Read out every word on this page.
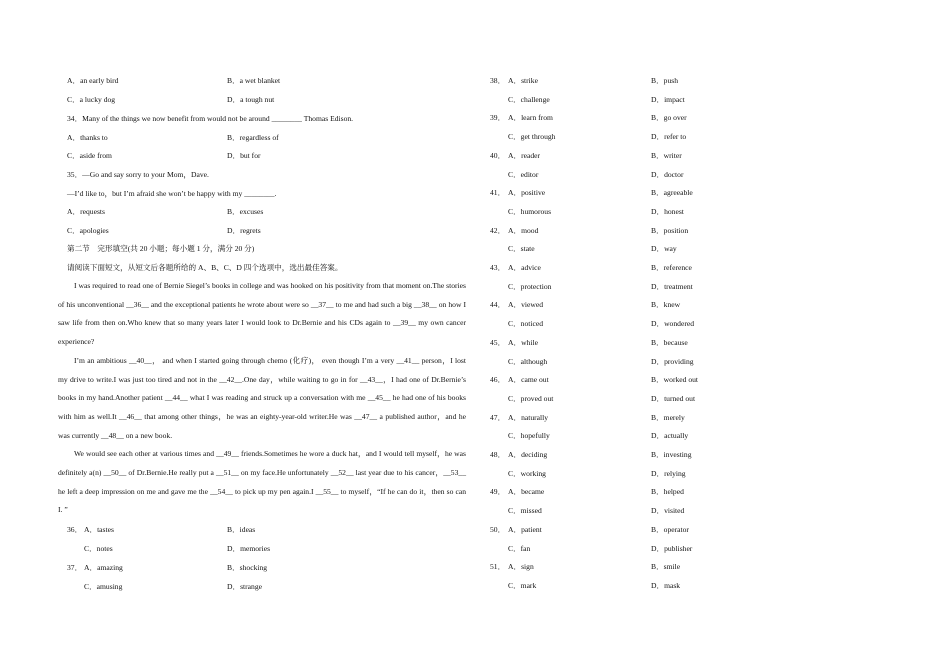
A．an early bird	B．a wet blanket
C．a lucky dog	D．a tough nut
34．Many of the things we now benefit from would not be around ________ Thomas Edison.
A．thanks to	B．regardless of
C．aside from	D．but for
35．—Go and say sorry to your Mom，Dave.
—I’d like to，but I’m afraid she won’t be happy with my ________.
A．requests	B．excuses
C．apologies	D．regrets
第二节　完形填空(共 20 小题；每小题 1 分，满分 20 分)
请阅读下面短文，从短文后各题所给的 A、B、C、D 四个选项中，选出最佳答案。

I was required to read one of Bernie Siegel’s books in college and was hooked on his positivity from that moment on.The stories of his unconventional __36__ and the exceptional patients he wrote about were so __37__ to me and had such a big __38__ on how I saw life from then on.Who knew that so many years later I would look to Dr.Bernie and his CDs again to __39__ my own cancer experience?

I’m an ambitious __40__， and when I started going through chemo (化疗)， even though I’m a very __41__ person，I lost my drive to write.I was just too tired and not in the __42__.One day，while waiting to go in for __43__，I had one of Dr.Bernie’s books in my hand.Another patient __44__ what I was reading and struck up a conversation with me __45__ he had one of his books with him as well.It __46__ that among other things，he was an eighty-year-old writer.He was __47__ a published author，and he was currently __48__ on a new book.

We would see each other at various times and __49__ friends.Sometimes he wore a duck hat，and I would tell myself，he was definitely a(n) __50__ of Dr.Bernie.He really put a __51__ on my face.He unfortunately __52__ last year due to his cancer，__53__ he left a deep impression on me and gave me the __54__ to pick up my pen again.I __55__ to myself，“If he can do it，then so can I. ”

36． A．tastes	B．ideas
C．notes	D．memories
37． A．amazing	B．shocking
C．amusing	D．strange
38． A．strike	B．push
C．challenge	D．impact
39． A．learn from	B．go over
C．get through	D．refer to
40． A．reader	B．writer
C．editor	D．doctor
41． A．positive	B．agreeable
C．humorous	D．honest
42． A．mood	B．position
C．state	D．way
43． A．advice	B．reference
C．protection	D．treatment
44． A．viewed	B．knew
C．noticed	D．wondered
45． A．while	B．because
C．although	D．providing
46． A．came out	B．worked out
C．proved out	D．turned out
47． A．naturally	B．merely
C．hopefully	D．actually
48． A．deciding	B．investing
C．working	D．relying
49． A．became	B．helped
C．missed	D．visited
50． A．patient	B．operator
C．fan	D．publisher
51． A．sign	B．smile
C．mark	D．mask
